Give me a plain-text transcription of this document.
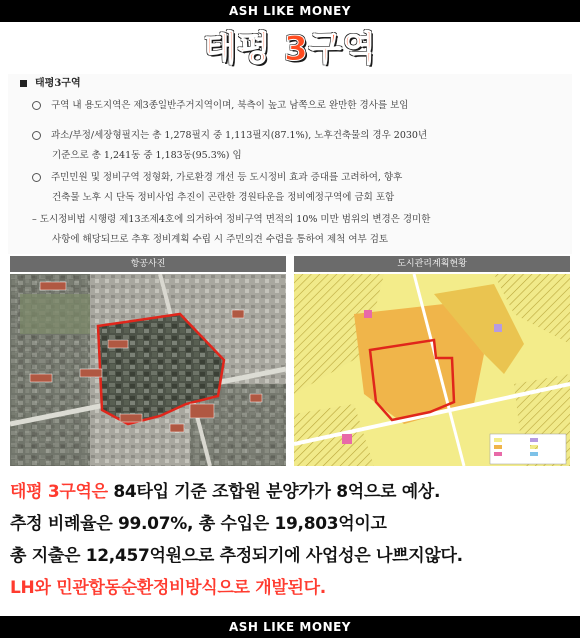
ASH LIKE MONEY
태평 3구역
태평3구역
구역 내 용도지역은 제3종일반주거지역이며, 북측이 높고 남쪽으로 완만한 경사를 보임
과소/부정/세장형필지는 총 1,278필지 중 1,113필지(87.1%), 노후건축물의 경우 2030년
기준으로 총 1,241동 중 1,183동(95.3%) 임
주민민원 및 정비구역 정형화, 가로환경 개선 등 도시정비 효과 증대를 고려하여, 향후
건축물 노후 시 단독 정비사업 추진이 곤란한 경원타운을 정비예정구역에 금회 포함
– 도시정비법 시행령 제13조제4호에 의거하여 정비구역 면적의 10% 미만 범위의 변경은 경미한
사항에 해당되므로 추후 정비계획 수립 시 주민의견 수렴을 통하여 제척 여부 검토
항공사진	도시관리계획현황
태평 3구역은 84타입 기준 조합원 분양가가 8억으로 예상.
추정 비례율은 99.07%, 총 수입은 19,803억이고
총 지출은 12,457억원으로 추정되기에 사업성은 나쁘지않다.
LH와 민관합동순환정비방식으로 개발된다.
ASH LIKE MONEY
